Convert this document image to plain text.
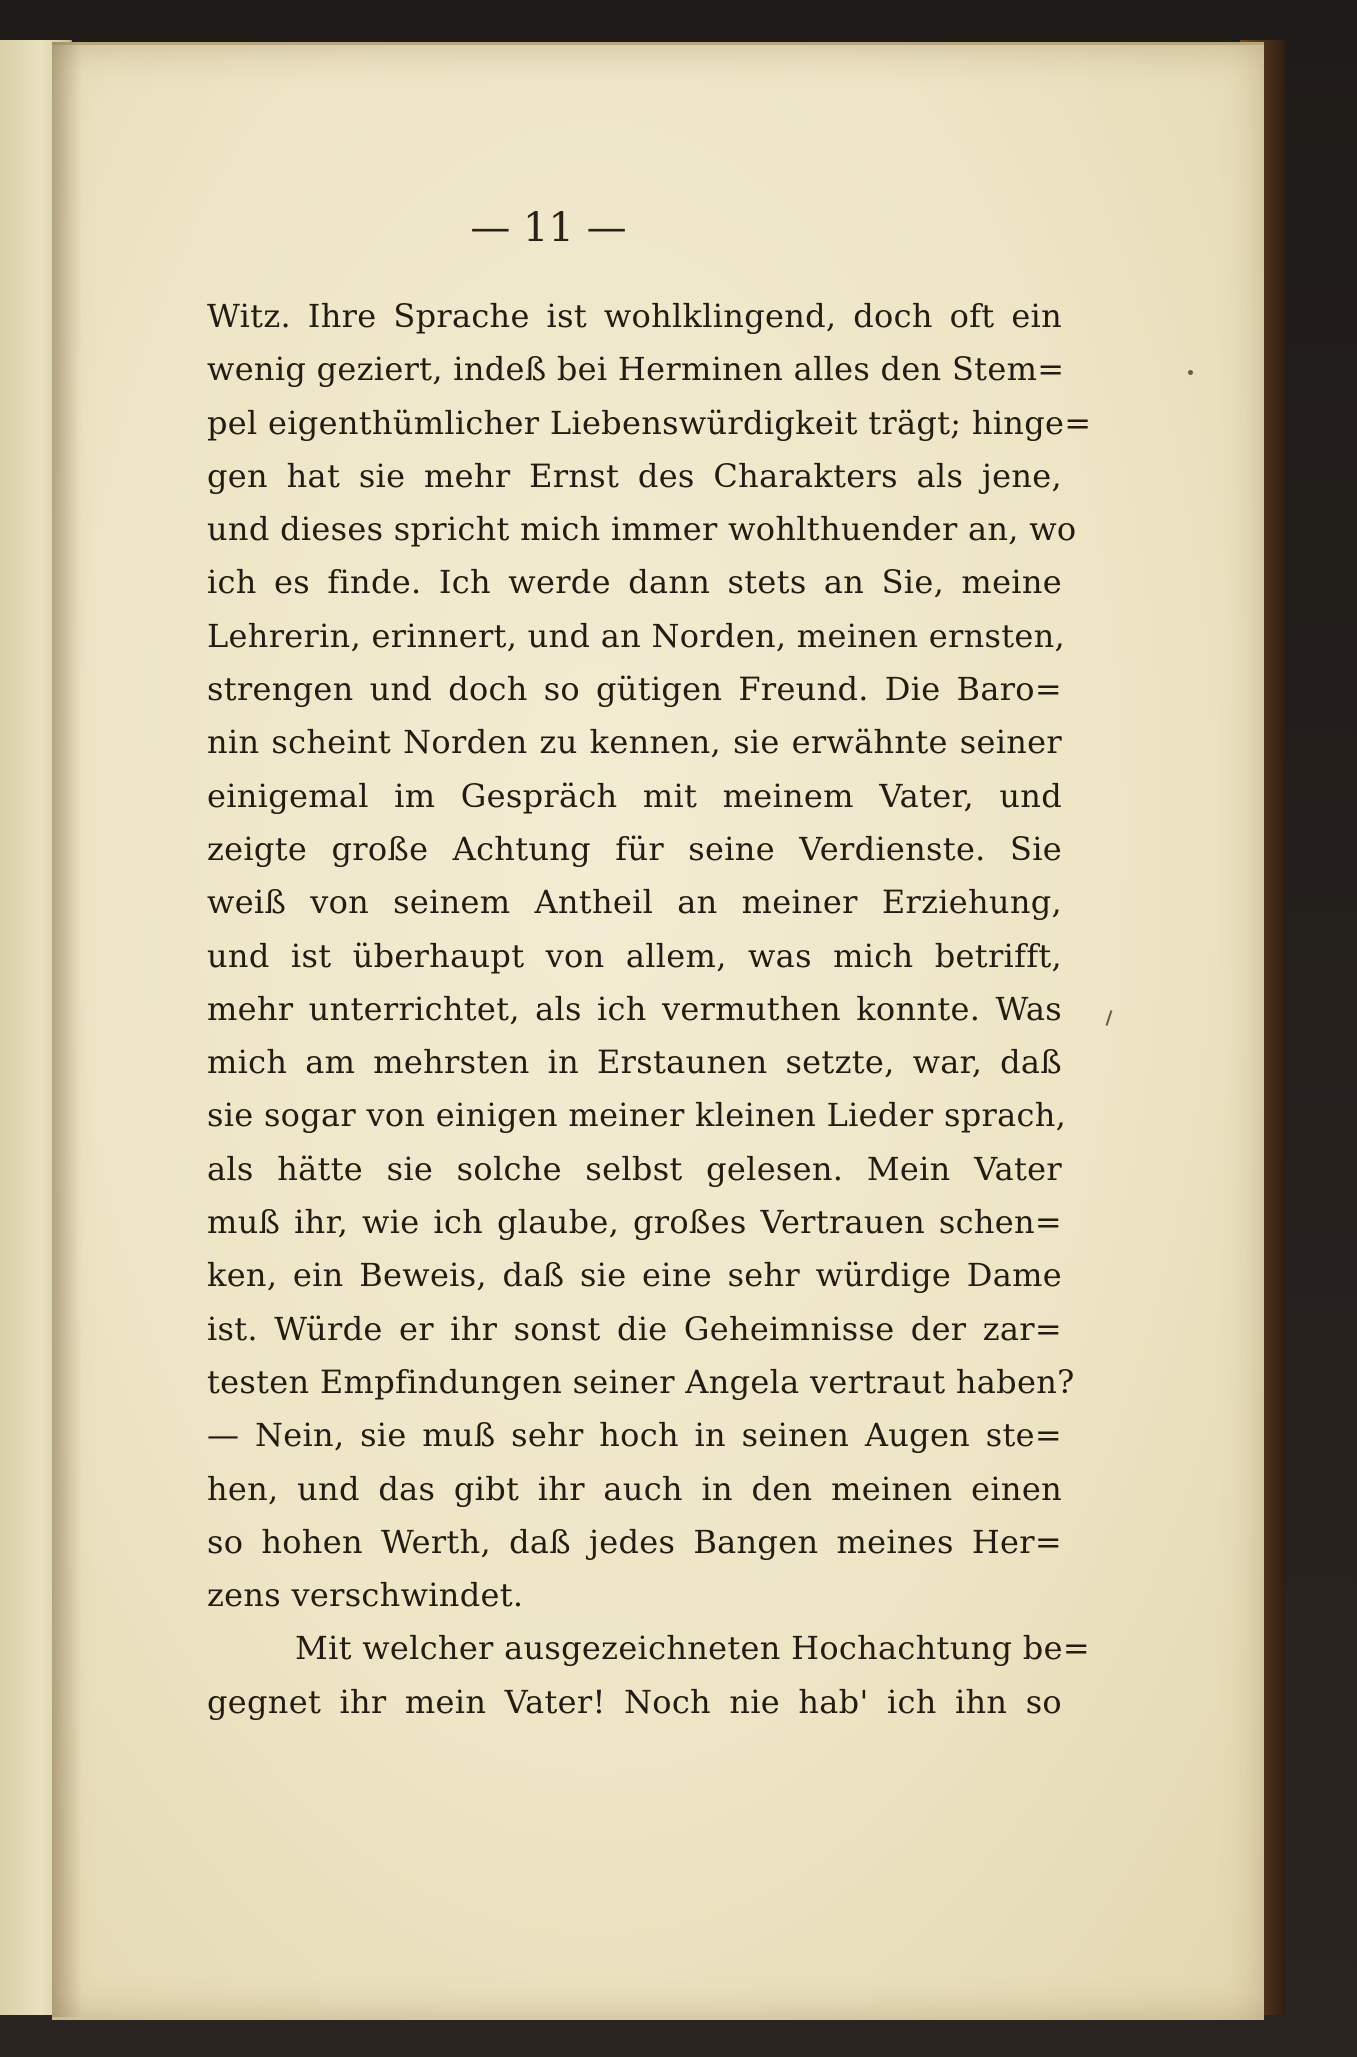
— 11 —
Witz. Ihre Sprache ist wohlklingend, doch oft ein
wenig geziert, indeß bei Herminen alles den Stem=
pel eigenthümlicher Liebenswürdigkeit trägt; hinge=
gen hat sie mehr Ernst des Charakters als jene,
und dieses spricht mich immer wohlthuender an, wo
ich es finde. Ich werde dann stets an Sie, meine
Lehrerin, erinnert, und an Norden, meinen ernsten,
strengen und doch so gütigen Freund. Die Baro=
nin scheint Norden zu kennen, sie erwähnte seiner
einigemal im Gespräch mit meinem Vater, und
zeigte große Achtung für seine Verdienste. Sie
weiß von seinem Antheil an meiner Erziehung,
und ist überhaupt von allem, was mich betrifft,
mehr unterrichtet, als ich vermuthen konnte. Was
mich am mehrsten in Erstaunen setzte, war, daß
sie sogar von einigen meiner kleinen Lieder sprach,
als hätte sie solche selbst gelesen. Mein Vater
muß ihr, wie ich glaube, großes Vertrauen schen=
ken, ein Beweis, daß sie eine sehr würdige Dame
ist. Würde er ihr sonst die Geheimnisse der zar=
testen Empfindungen seiner Angela vertraut haben?
— Nein, sie muß sehr hoch in seinen Augen ste=
hen, und das gibt ihr auch in den meinen einen
so hohen Werth, daß jedes Bangen meines Her=
zens verschwindet.
Mit welcher ausgezeichneten Hochachtung be=
gegnet ihr mein Vater! Noch nie hab' ich ihn so
